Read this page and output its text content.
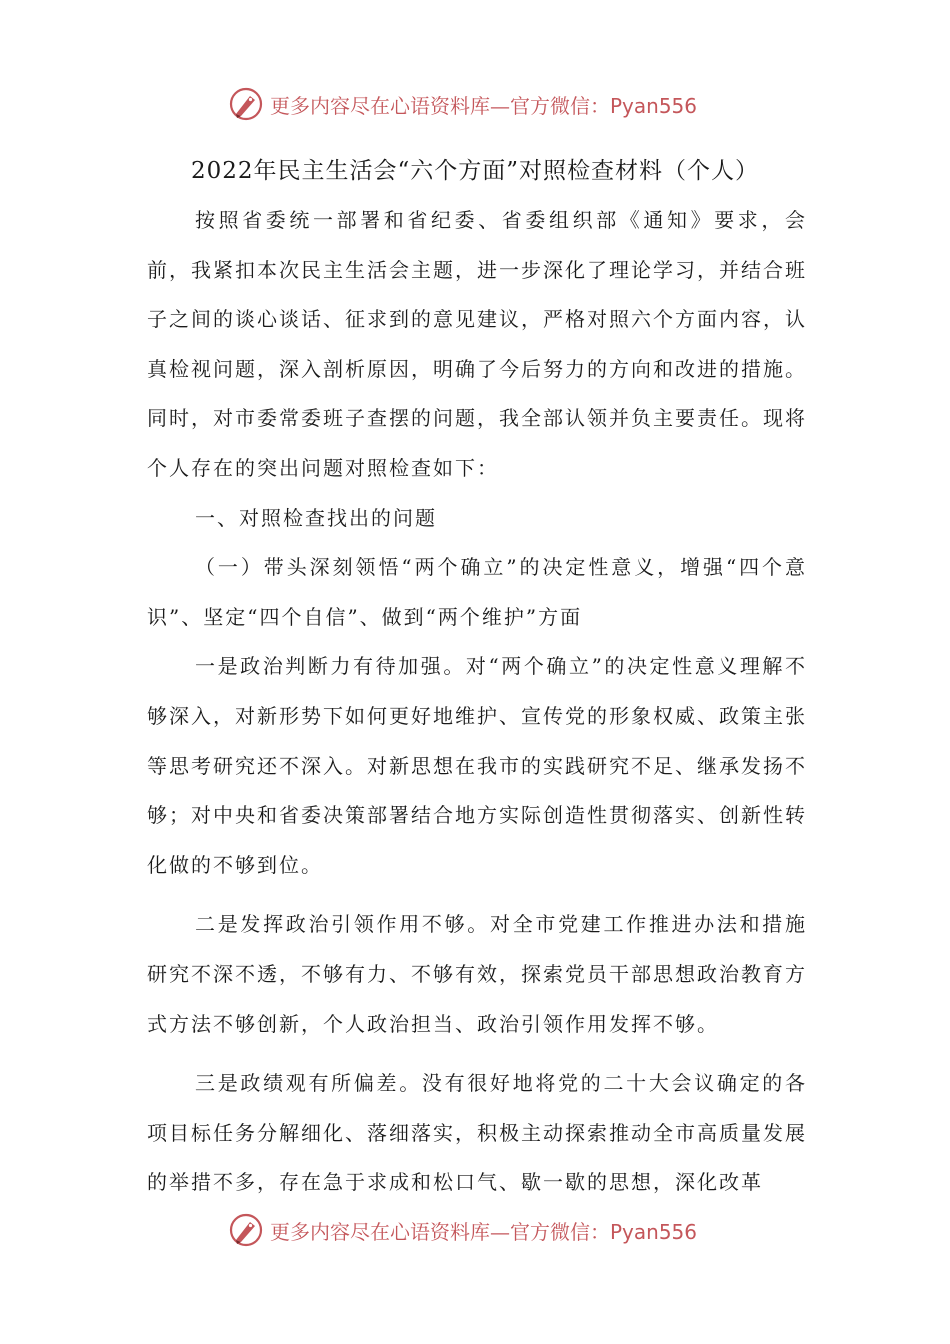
更多内容尽在心语资料库—官方微信：Pyan556
2022年民主生活会“六个方面”对照检查材料（个人）

按照省委统一部署和省纪委、省委组织部《通知》要求，会前，我紧扣本次民主生活会主题，进一步深化了理论学习，并结合班子之间的谈心谈话、征求到的意见建议，严格对照六个方面内容，认真检视问题，深入剖析原因，明确了今后努力的方向和改进的措施。同时，对市委常委班子查摆的问题，我全部认领并负主要责任。现将个人存在的突出问题对照检查如下：

一、对照检查找出的问题

（一）带头深刻领悟“两个确立”的决定性意义，增强“四个意识”、坚定“四个自信”、做到“两个维护”方面

一是政治判断力有待加强。对“两个确立”的决定性意义理解不够深入，对新形势下如何更好地维护、宣传党的形象权威、政策主张等思考研究还不深入。对新思想在我市的实践研究不足、继承发扬不够；对中央和省委决策部署结合地方实际创造性贯彻落实、创新性转化做的不够到位。

二是发挥政治引领作用不够。对全市党建工作推进办法和措施研究不深不透，不够有力、不够有效，探索党员干部思想政治教育方式方法不够创新，个人政治担当、政治引领作用发挥不够。

三是政绩观有所偏差。没有很好地将党的二十大会议确定的各项目标任务分解细化、落细落实，积极主动探索推动全市高质量发展的举措不多，存在急于求成和松口气、歇一歇的思想，深化改革

更多内容尽在心语资料库—官方微信：Pyan556
